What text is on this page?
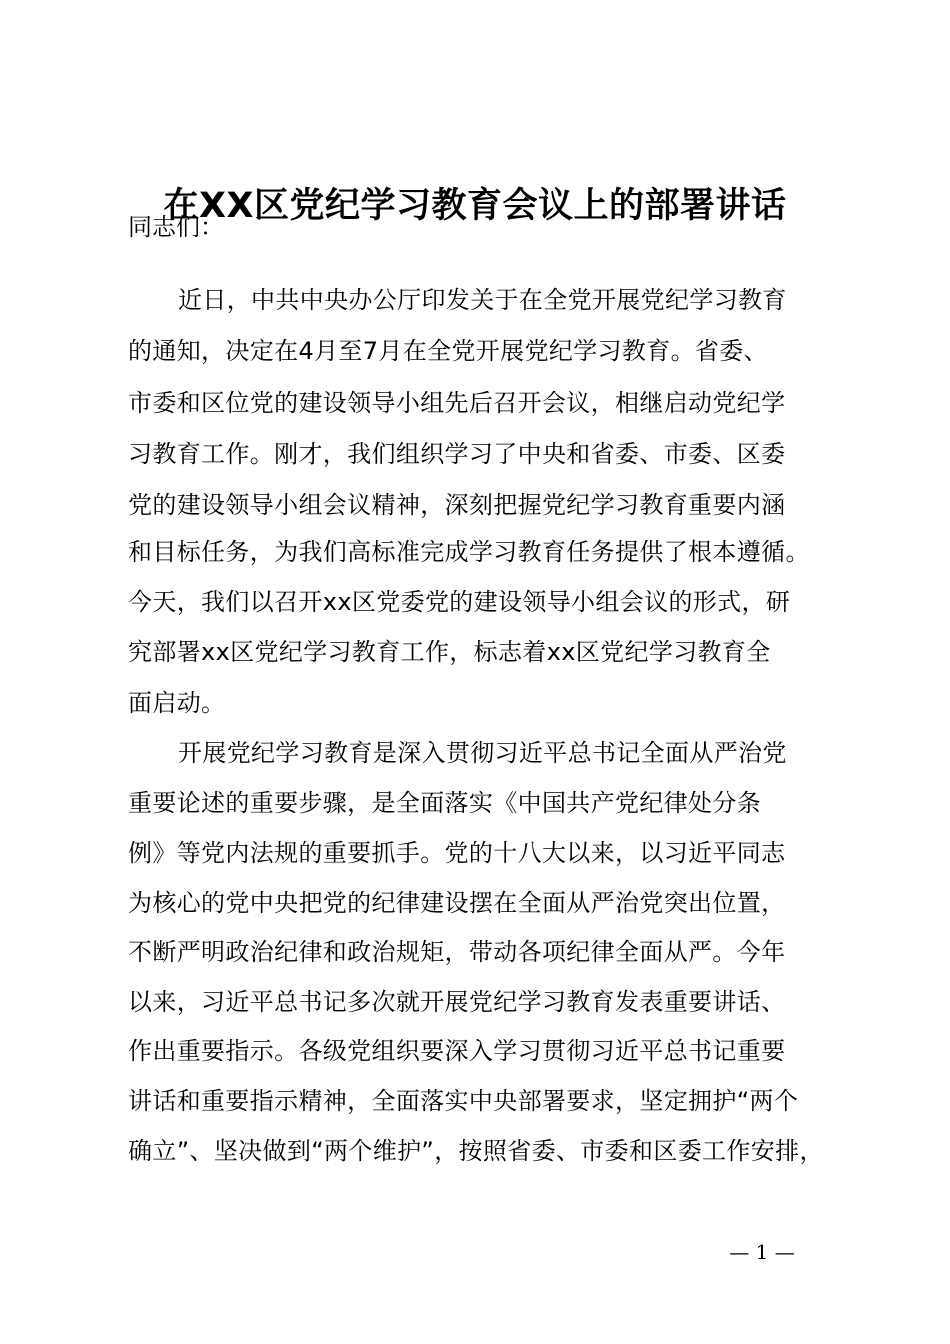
在XX区党纪学习教育会议上的部署讲话
同志们：
近日，中共中央办公厅印发关于在全党开展党纪学习教育
的通知，决定在4月至7月在全党开展党纪学习教育。省委、
市委和区位党的建设领导小组先后召开会议，相继启动党纪学
习教育工作。刚才，我们组织学习了中央和省委、市委、区委
党的建设领导小组会议精神，深刻把握党纪学习教育重要内涵
和目标任务，为我们高标准完成学习教育任务提供了根本遵循。
今天，我们以召开xx区党委党的建设领导小组会议的形式，研
究部署xx区党纪学习教育工作，标志着xx区党纪学习教育全
面启动。
开展党纪学习教育是深入贯彻习近平总书记全面从严治党
重要论述的重要步骤，是全面落实《中国共产党纪律处分条
例》等党内法规的重要抓手。党的十八大以来，以习近平同志
为核心的党中央把党的纪律建设摆在全面从严治党突出位置，
不断严明政治纪律和政治规矩，带动各项纪律全面从严。今年
以来，习近平总书记多次就开展党纪学习教育发表重要讲话、
作出重要指示。各级党组织要深入学习贯彻习近平总书记重要
讲话和重要指示精神，全面落实中央部署要求，坚定拥护“两个
确立”、坚决做到“两个维护”，按照省委、市委和区委工作安排，
— 1 —
